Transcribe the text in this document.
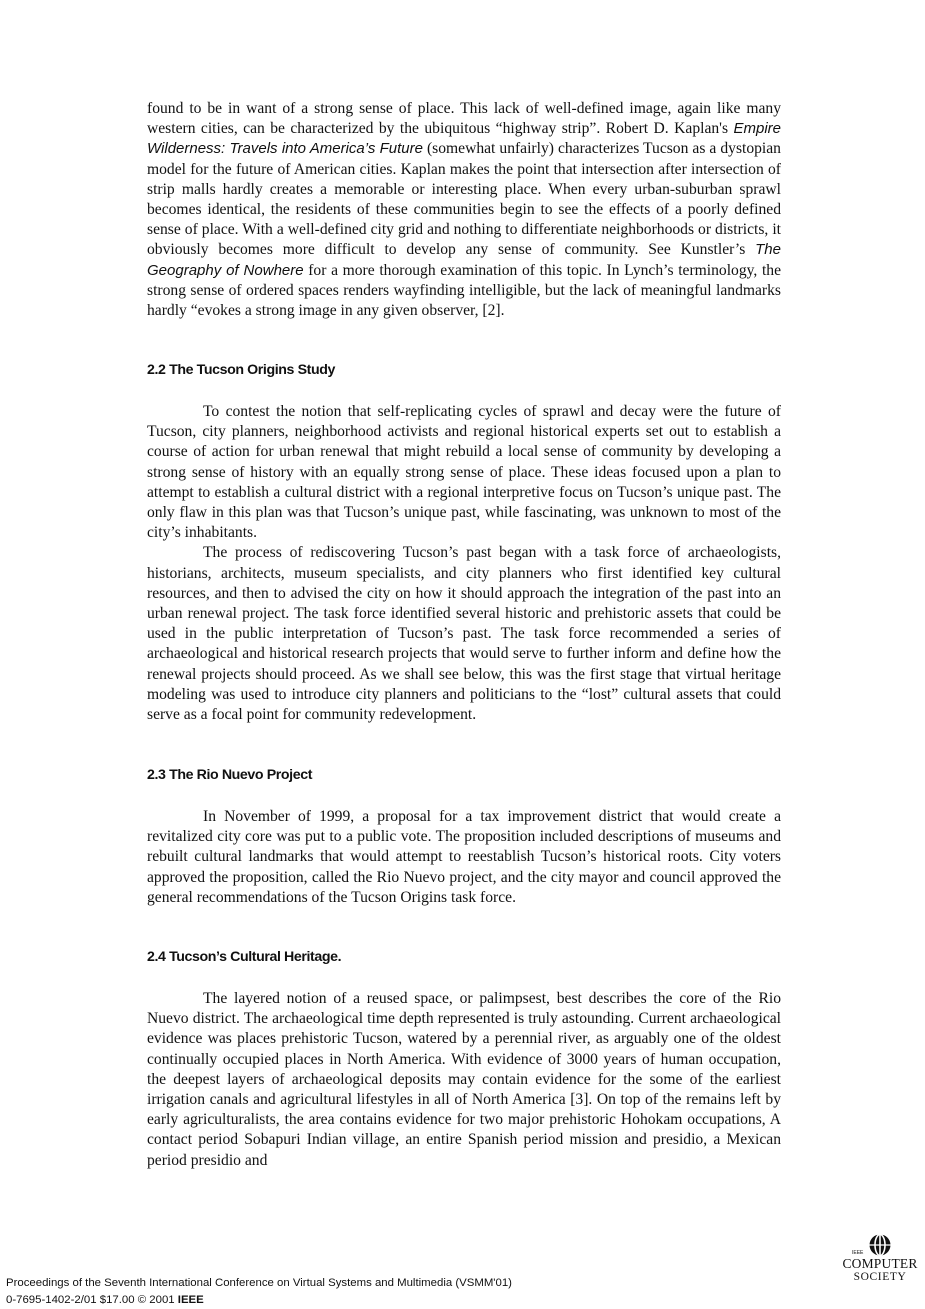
found to be in want of a strong sense of place. This lack of well-defined image, again like many western cities, can be characterized by the ubiquitous “highway strip”. Robert D. Kaplan's Empire Wilderness: Travels into America’s Future (somewhat unfairly) characterizes Tucson as a dystopian model for the future of American cities. Kaplan makes the point that intersection after intersection of strip malls hardly creates a memorable or interesting place. When every urban-suburban sprawl becomes identical, the residents of these communities begin to see the effects of a poorly defined sense of place. With a well-defined city grid and nothing to differentiate neighborhoods or districts, it obviously becomes more difficult to develop any sense of community. See Kunstler’s The Geography of Nowhere for a more thorough examination of this topic. In Lynch’s terminology, the strong sense of ordered spaces renders wayfinding intelligible, but the lack of meaningful landmarks hardly “evokes a strong image in any given observer, [2].

2.2 The Tucson Origins Study

To contest the notion that self-replicating cycles of sprawl and decay were the future of Tucson, city planners, neighborhood activists and regional historical experts set out to establish a course of action for urban renewal that might rebuild a local sense of community by developing a strong sense of history with an equally strong sense of place. These ideas focused upon a plan to attempt to establish a cultural district with a regional interpretive focus on Tucson’s unique past. The only flaw in this plan was that Tucson’s unique past, while fascinating, was unknown to most of the city’s inhabitants.

The process of rediscovering Tucson’s past began with a task force of archaeologists, historians, architects, museum specialists, and city planners who first identified key cultural resources, and then to advised the city on how it should approach the integration of the past into an urban renewal project. The task force identified several historic and prehistoric assets that could be used in the public interpretation of Tucson’s past. The task force recommended a series of archaeological and historical research projects that would serve to further inform and define how the renewal projects should proceed. As we shall see below, this was the first stage that virtual heritage modeling was used to introduce city planners and politicians to the “lost” cultural assets that could serve as a focal point for community redevelopment.

2.3 The Rio Nuevo Project

In November of 1999, a proposal for a tax improvement district that would create a revitalized city core was put to a public vote. The proposition included descriptions of museums and rebuilt cultural landmarks that would attempt to reestablish Tucson’s historical roots. City voters approved the proposition, called the Rio Nuevo project, and the city mayor and council approved the general recommendations of the Tucson Origins task force.

2.4 Tucson’s Cultural Heritage.

The layered notion of a reused space, or palimpsest, best describes the core of the Rio Nuevo district. The archaeological time depth represented is truly astounding. Current archaeological evidence was places prehistoric Tucson, watered by a perennial river, as arguably one of the oldest continually occupied places in North America. With evidence of 3000 years of human occupation, the deepest layers of archaeological deposits may contain evidence for the some of the earliest irrigation canals and agricultural lifestyles in all of North America [3]. On top of the remains left by early agriculturalists, the area contains evidence for two major prehistoric Hohokam occupations, A contact period Sobapuri Indian village, an entire Spanish period mission and presidio, a Mexican period presidio and

Proceedings of the Seventh International Conference on Virtual Systems and Multimedia (VSMM'01)
0-7695-1402-2/01 $17.00 © 2001 IEEE
IEEE
COMPUTER
SOCIETY
